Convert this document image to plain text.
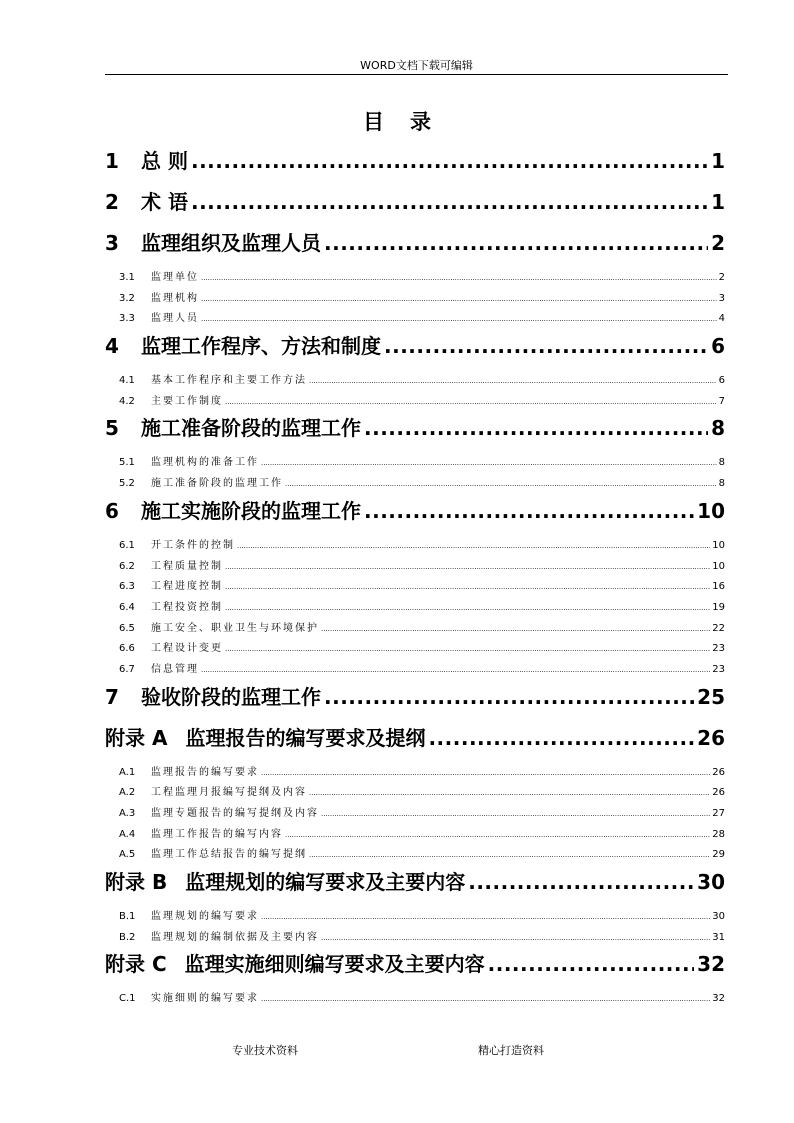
WORD文档下载可编辑
目录
1	总 则 .....	1
2	术 语 .....	1
3	监理组织及监理人员 .....	2
3.1	监理单位 .....	2
3.2	监理机构 .....	3
3.3	监理人员 .....	4
4	监理工作程序、方法和制度 .....	6
4.1	基本工作程序和主要工作方法 .....	6
4.2	主要工作制度 .....	7
5	施工准备阶段的监理工作 .....	8
5.1	监理机构的准备工作 .....	8
5.2	施工准备阶段的监理工作 .....	8
6	施工实施阶段的监理工作 .....	10
6.1	开工条件的控制 .....	10
6.2	工程质量控制 .....	10
6.3	工程进度控制 .....	16
6.4	工程投资控制 .....	19
6.5	施工安全、职业卫生与环境保护 .....	22
6.6	工程设计变更 .....	23
6.7	信息管理 .....	23
7	验收阶段的监理工作 .....	25
附录 A 监理报告的编写要求及提纲 .....	26
A.1	监理报告的编写要求 .....	26
A.2	工程监理月报编写提纲及内容 .....	26
A.3	监理专题报告的编写提纲及内容 .....	27
A.4	监理工作报告的编写内容 .....	28
A.5	监理工作总结报告的编写提纲 .....	29
附录 B 监理规划的编写要求及主要内容 .....	30
B.1	监理规划的编写要求 .....	30
B.2	监理规划的编制依据及主要内容 .....	31
附录 C 监理实施细则编写要求及主要内容 .....	32
C.1	实施细则的编写要求 .....	32
专业技术资料	精心打造资料
